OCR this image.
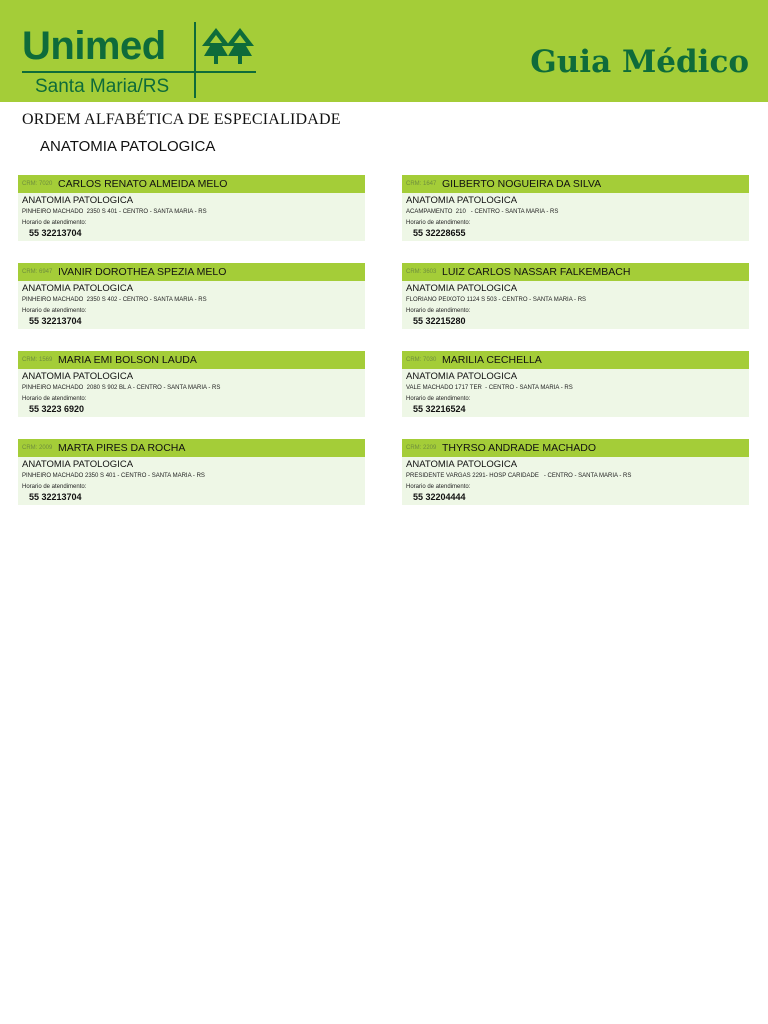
Unimed
Santa Maria/RS
Guia Médico
ORDEM ALFABÉTICA DE ESPECIALIDADE
ANATOMIA PATOLOGICA
CRM: 7020 CARLOS RENATO ALMEIDA MELO
ANATOMIA PATOLOGICA
PINHEIRO MACHADO  2350 S 401 - CENTRO - SANTA MARIA - RS
Horario de atendimento:
55 32213704
CRM: 1647 GILBERTO NOGUEIRA DA SILVA
ANATOMIA PATOLOGICA
ACAMPAMENTO  210   - CENTRO - SANTA MARIA - RS
Horario de atendimento:
55 32228655
CRM: 6947 IVANIR DOROTHEA SPEZIA MELO
ANATOMIA PATOLOGICA
PINHEIRO MACHADO  2350 S 402 - CENTRO - SANTA MARIA - RS
Horario de atendimento:
55 32213704
CRM: 3603 LUIZ CARLOS NASSAR FALKEMBACH
ANATOMIA PATOLOGICA
FLORIANO PEIXOTO 1124 S 503 - CENTRO - SANTA MARIA - RS
Horario de atendimento:
55 32215280
CRM: 1569 MARIA EMI BOLSON LAUDA
ANATOMIA PATOLOGICA
PINHEIRO MACHADO  2080 S 902 BL A - CENTRO - SANTA MARIA - RS
Horario de atendimento:
55 3223 6920
CRM: 7030 MARILIA CECHELLA
ANATOMIA PATOLOGICA
VALE MACHADO 1717 TER  - CENTRO - SANTA MARIA - RS
Horario de atendimento:
55 32216524
CRM: 2009 MARTA PIRES DA ROCHA
ANATOMIA PATOLOGICA
PINHEIRO MACHADO 2350 S 401 - CENTRO - SANTA MARIA - RS
Horario de atendimento:
55 32213704
CRM: 2209 THYRSO ANDRADE MACHADO
ANATOMIA PATOLOGICA
PRESIDENTE VARGAS 2291- HOSP CARIDADE   - CENTRO - SANTA MARIA - RS
Horario de atendimento:
55 32204444
